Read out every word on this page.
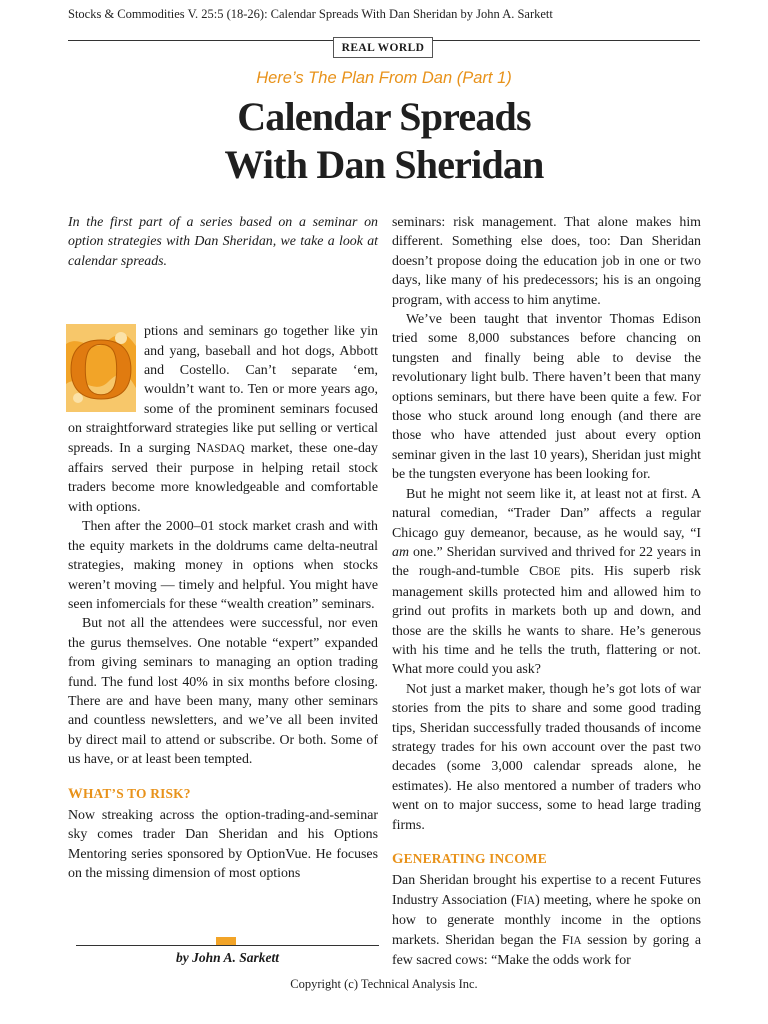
Stocks & Commodities V. 25:5 (18-26): Calendar Spreads With Dan Sheridan by John A. Sarkett
REAL WORLD
Here’s The Plan From Dan (Part 1)
Calendar Spreads
With Dan Sheridan

In the first part of a series based on a seminar on option strategies with Dan Sheridan, we take a look at calendar spreads.

O ptions and seminars go together like yin and yang, baseball and hot dogs, Abbott and Costello. Can’t separate ‘em, wouldn’t want to. Ten or more years ago, some of the prominent seminars focused on straightforward strategies like put selling or vertical spreads. In a surging NASDAQ market, these one-day affairs served their purpose in helping retail stock traders become more knowledgeable and comfortable with options.

Then after the 2000–01 stock market crash and with the equity markets in the doldrums came delta-neutral strategies, making money in options when stocks weren’t moving — timely and helpful. You might have seen infomercials for these “wealth creation” seminars.

But not all the attendees were successful, nor even the gurus themselves. One notable “expert” expanded from giving seminars to managing an option trading fund. The fund lost 40% in six months before closing. There are and have been many, many other seminars and countless newsletters, and we’ve all been invited by direct mail to attend or subscribe. Or both. Some of us have, or at least been tempted.

WHAT’S TO RISK?

Now streaking across the option-trading-and-seminar sky comes trader Dan Sheridan and his Options Mentoring series sponsored by OptionVue. He focuses on the missing dimension of most options

seminars: risk management. That alone makes him different. Something else does, too: Dan Sheridan doesn’t propose doing the education job in one or two days, like many of his predecessors; his is an ongoing program, with access to him anytime.

We’ve been taught that inventor Thomas Edison tried some 8,000 substances before chancing on tungsten and finally being able to devise the revolutionary light bulb. There haven’t been that many options seminars, but there have been quite a few. For those who stuck around long enough (and there are those who have attended just about every option seminar given in the last 10 years), Sheridan just might be the tungsten everyone has been looking for.

But he might not seem like it, at least not at first. A natural comedian, “Trader Dan” affects a regular Chicago guy demeanor, because, as he would say, “I am one.” Sheridan survived and thrived for 22 years in the rough-and-tumble CBOE pits. His superb risk management skills protected him and allowed him to grind out profits in markets both up and down, and those are the skills he wants to share. He’s generous with his time and he tells the truth, flattering or not. What more could you ask?

Not just a market maker, though he’s got lots of war stories from the pits to share and some good trading tips, Sheridan successfully traded thousands of income strategy trades for his own account over the past two decades (some 3,000 calendar spreads alone, he estimates). He also mentored a number of traders who went on to major success, some to head large trading firms.

GENERATING INCOME

Dan Sheridan brought his expertise to a recent Futures Industry Association (FIA) meeting, where he spoke on how to generate monthly income in the options markets. Sheridan began the FIA session by goring a few sacred cows: “Make the odds work for

by John A. Sarkett
Copyright (c) Technical Analysis Inc.
